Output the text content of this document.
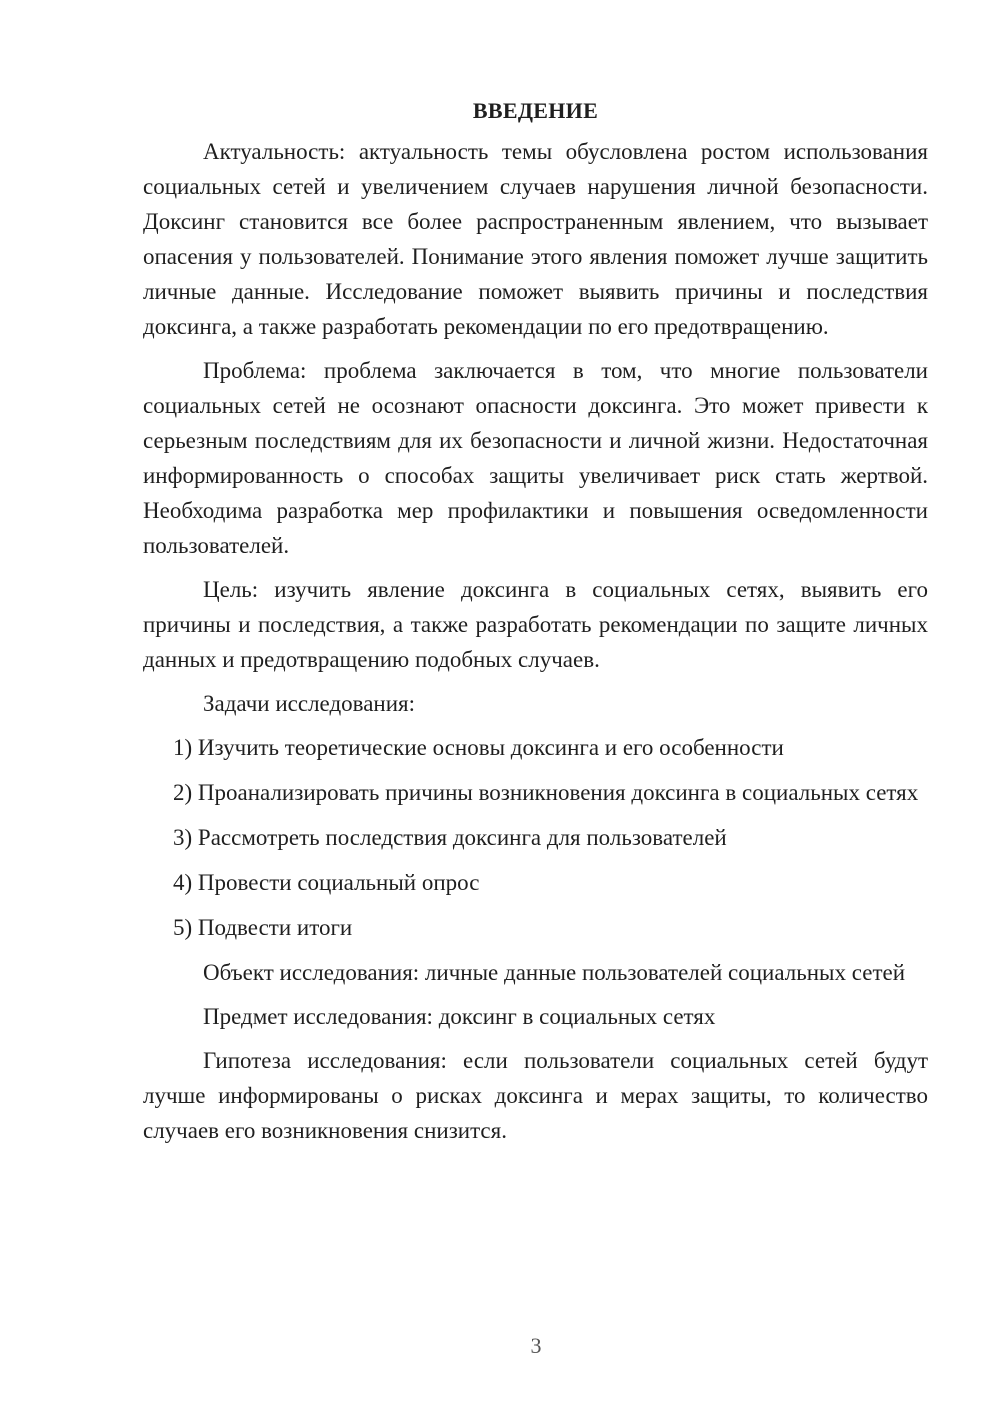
ВВЕДЕНИЕ

Актуальность: актуальность темы обусловлена ростом использования социальных сетей и увеличением случаев нарушения личной безопасности. Доксинг становится все более распространенным явлением, что вызывает опасения у пользователей. Понимание этого явления поможет лучше защитить личные данные. Исследование поможет выявить причины и последствия доксинга, а также разработать рекомендации по его предотвращению.

Проблема: проблема заключается в том, что многие пользователи социальных сетей не осознают опасности доксинга. Это может привести к серьезным последствиям для их безопасности и личной жизни. Недостаточная информированность о способах защиты увеличивает риск стать жертвой. Необходима разработка мер профилактики и повышения осведомленности пользователей.

Цель: изучить явление доксинга в социальных сетях, выявить его причины и последствия, а также разработать рекомендации по защите личных данных и предотвращению подобных случаев.

Задачи исследования:

1) Изучить теоретические основы доксинга и его особенности

2) Проанализировать причины возникновения доксинга в социальных сетях

3) Рассмотреть последствия доксинга для пользователей

4) Провести социальный опрос

5) Подвести итоги

Объект исследования: личные данные пользователей социальных сетей

Предмет исследования: доксинг в социальных сетях

Гипотеза исследования: если пользователи социальных сетей будут лучше информированы о рисках доксинга и мерах защиты, то количество случаев его возникновения снизится.

3
